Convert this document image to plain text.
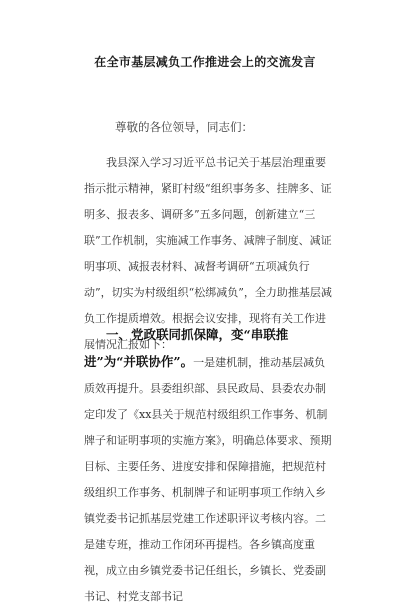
在全市基层减负工作推进会上的交流发言
尊敬的各位领导，同志们：
我县深入学习习近平总书记关于基层治理重要指示批示精神，紧盯村级“组织事务多、挂牌多、证明多、报表多、调研多”五多问题，创新建立“三联”工作机制，实施减工作事务、减牌子制度、减证明事项、减报表材料、减督考调研“五项减负行动”，切实为村级组织“松绑减负”，全力助推基层减负工作提质增效。根据会议安排，现将有关工作进展情况汇报如下：
一、党政联同抓保障，变“串联推进”为“并联协作”。一是建机制，推动基层减负质效再提升。县委组织部、县民政局、县委农办制定印发了《xx县关于规范村级组织工作事务、机制牌子和证明事项的实施方案》，明确总体要求、预期目标、主要任务、进度安排和保障措施，把规范村级组织工作事务、机制牌子和证明事项工作纳入乡镇党委书记抓基层党建工作述职评议考核内容。二是建专班，推动工作闭环再提档。各乡镇高度重视，成立由乡镇党委书记任组长，乡镇长、党委副书记、村党支部书记
